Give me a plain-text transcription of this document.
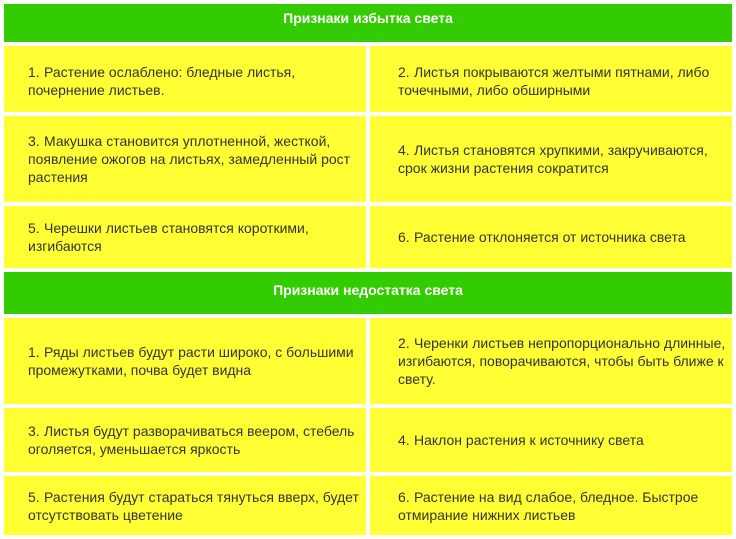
Признаки избытка света
1. Растение ослаблено: бледные листья, почернение листьев.
2. Листья покрываются желтыми пятнами, либо точечными, либо обширными
3. Макушка становится уплотненной, жесткой, появление ожогов на листьях, замедленный рост растения
4. Листья становятся хрупкими, закручиваются, срок жизни растения сократится
5. Черешки листьев становятся короткими, изгибаются
6. Растение отклоняется от источника света
Признаки недостатка света
1. Ряды листьев будут расти широко, с большими промежутками, почва будет видна
2. Черенки листьев непропорционально длинные, изгибаются, поворачиваются, чтобы быть ближе к свету.
3. Листья будут разворачиваться веером, стебель оголяется, уменьшается яркость
4. Наклон растения к источнику света
5. Растения будут стараться тянуться вверх, будет отсутствовать цветение
6. Растение на вид слабое, бледное. Быстрое отмирание нижних листьев
